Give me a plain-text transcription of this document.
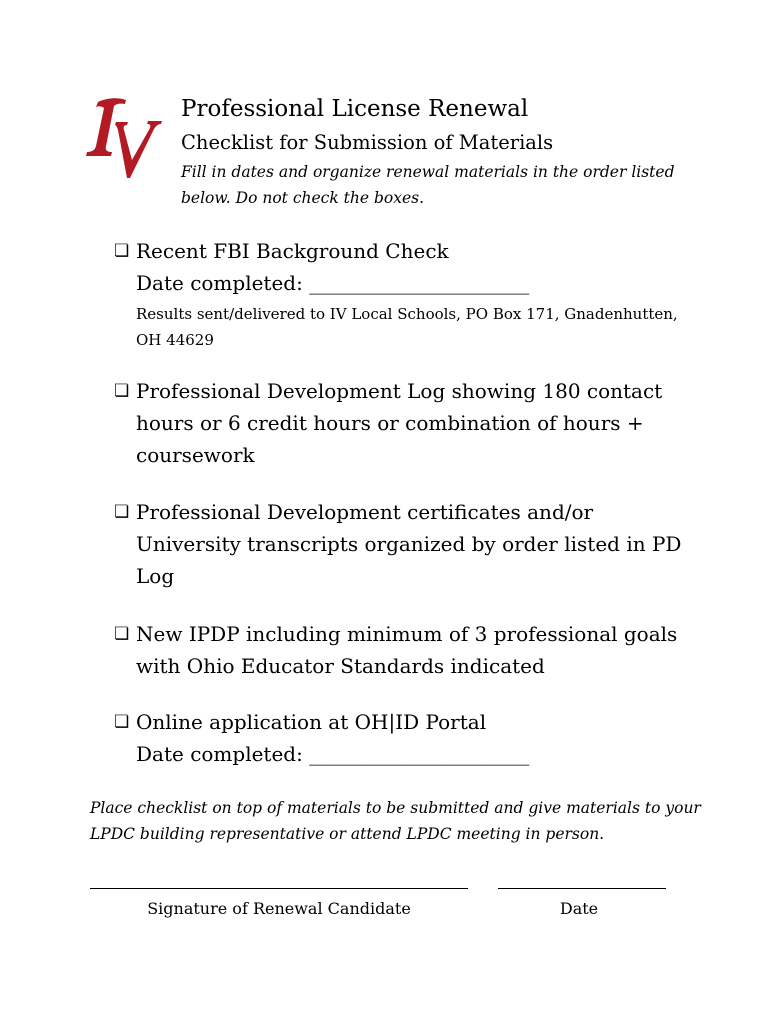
Professional License Renewal
Checklist for Submission of Materials
Fill in dates and organize renewal materials in the order listed below. Do not check the boxes.
❏ Recent FBI Background Check
Date completed: ______________________
Results sent/delivered to IV Local Schools, PO Box 171, Gnadenhutten, OH 44629
❏ Professional Development Log showing 180 contact hours or 6 credit hours or combination of hours + coursework
❏ Professional Development certificates and/or University transcripts organized by order listed in PD Log
❏ New IPDP including minimum of 3 professional goals with Ohio Educator Standards indicated
❏ Online application at OH|ID Portal
Date completed: ______________________
Place checklist on top of materials to be submitted and give materials to your LPDC building representative or attend LPDC meeting in person.
Signature of Renewal Candidate	Date
